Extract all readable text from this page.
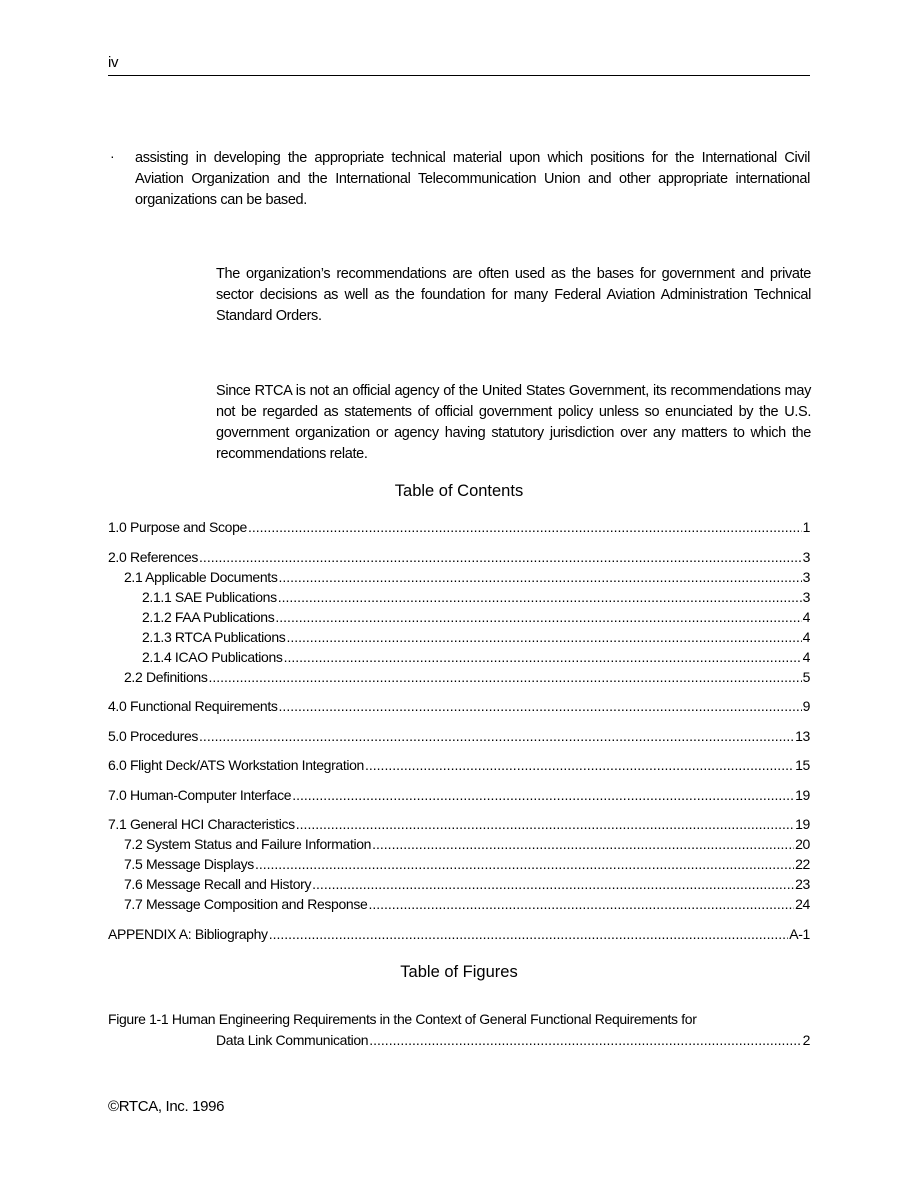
iv
· assisting in developing the appropriate technical material upon which positions for the International Civil Aviation Organization and the International Telecommunication Union and other appropriate international organizations can be based.
The organization’s recommendations are often used as the bases for government and private sector decisions as well as the foundation for many Federal Aviation Administration Technical Standard Orders.
Since RTCA is not an official agency of the United States Government, its recommendations may not be regarded as statements of official government policy unless so enunciated by the U.S. government organization or agency having statutory jurisdiction over any matters to which the recommendations relate.
Table of Contents
1.0 Purpose and Scope .....	1
2.0 References .....	3
2.1 Applicable Documents .....	3
2.1.1 SAE Publications .....	3
2.1.2 FAA Publications .....	4
2.1.3 RTCA Publications .....	4
2.1.4 ICAO Publications .....	4
2.2 Definitions .....	5
4.0 Functional Requirements .....	9
5.0 Procedures .....	13
6.0 Flight Deck/ATS Workstation Integration .....	15
7.0 Human-Computer Interface .....	19
7.1 General HCI Characteristics .....	19
7.2 System Status and Failure Information .....	20
7.5 Message Displays .....	22
7.6 Message Recall and History .....	23
7.7 Message Composition and Response .....	24
APPENDIX A: Bibliography .....	A-1
Table of Figures
Figure 1-1 Human Engineering Requirements in the Context of General Functional Requirements for
Data Link Communication .....	2
©RTCA, Inc. 1996
